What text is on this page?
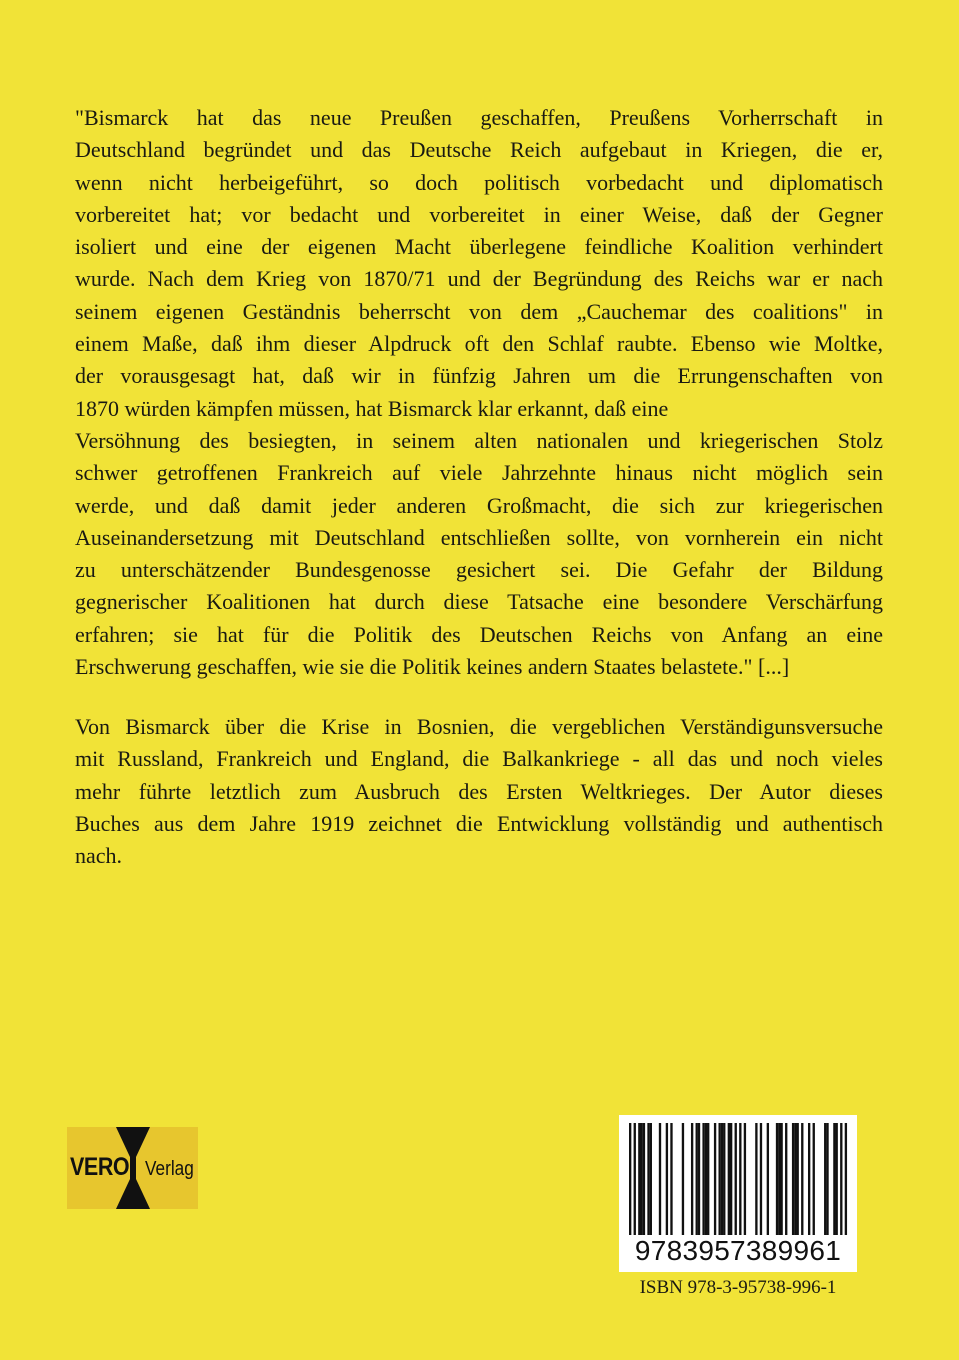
"Bismarck hat das neue Preußen geschaffen, Preußens Vorherrschaft in
Deutschland begründet und das Deutsche Reich aufgebaut in Kriegen, die er,
wenn nicht herbeigeführt, so doch politisch vorbedacht und diplomatisch
vorbereitet hat; vor bedacht und vorbereitet in einer Weise, daß der Gegner
isoliert und eine der eigenen Macht überlegene feindliche Koalition verhindert
wurde. Nach dem Krieg von 1870/71 und der Begründung des Reichs war er nach
seinem eigenen Geständnis beherrscht von dem „Cauchemar des coalitions" in
einem Maße, daß ihm dieser Alpdruck oft den Schlaf raubte. Ebenso wie Moltke,
der vorausgesagt hat, daß wir in fünfzig Jahren um die Errungenschaften von
1870 würden kämpfen müssen, hat Bismarck klar erkannt, daß eine
Versöhnung des besiegten, in seinem alten nationalen und kriegerischen Stolz
schwer getroffenen Frankreich auf viele Jahrzehnte hinaus nicht möglich sein
werde, und daß damit jeder anderen Großmacht, die sich zur kriegerischen
Auseinandersetzung mit Deutschland entschließen sollte, von vornherein ein nicht
zu unterschätzender Bundesgenosse gesichert sei. Die Gefahr der Bildung
gegnerischer Koalitionen hat durch diese Tatsache eine besondere Verschärfung
erfahren; sie hat für die Politik des Deutschen Reichs von Anfang an eine
Erschwerung geschaffen, wie sie die Politik keines andern Staates belastete." [...]
Von Bismarck über die Krise in Bosnien, die vergeblichen Verständigunsversuche
mit Russland, Frankreich und England, die Balkankriege - all das und noch vieles
mehr führte letztlich zum Ausbruch des Ersten Weltkrieges. Der Autor dieses
Buches aus dem Jahre 1919 zeichnet die Entwicklung vollständig und authentisch
nach.
VERO Verlag
9783957389961
ISBN 978-3-95738-996-1
